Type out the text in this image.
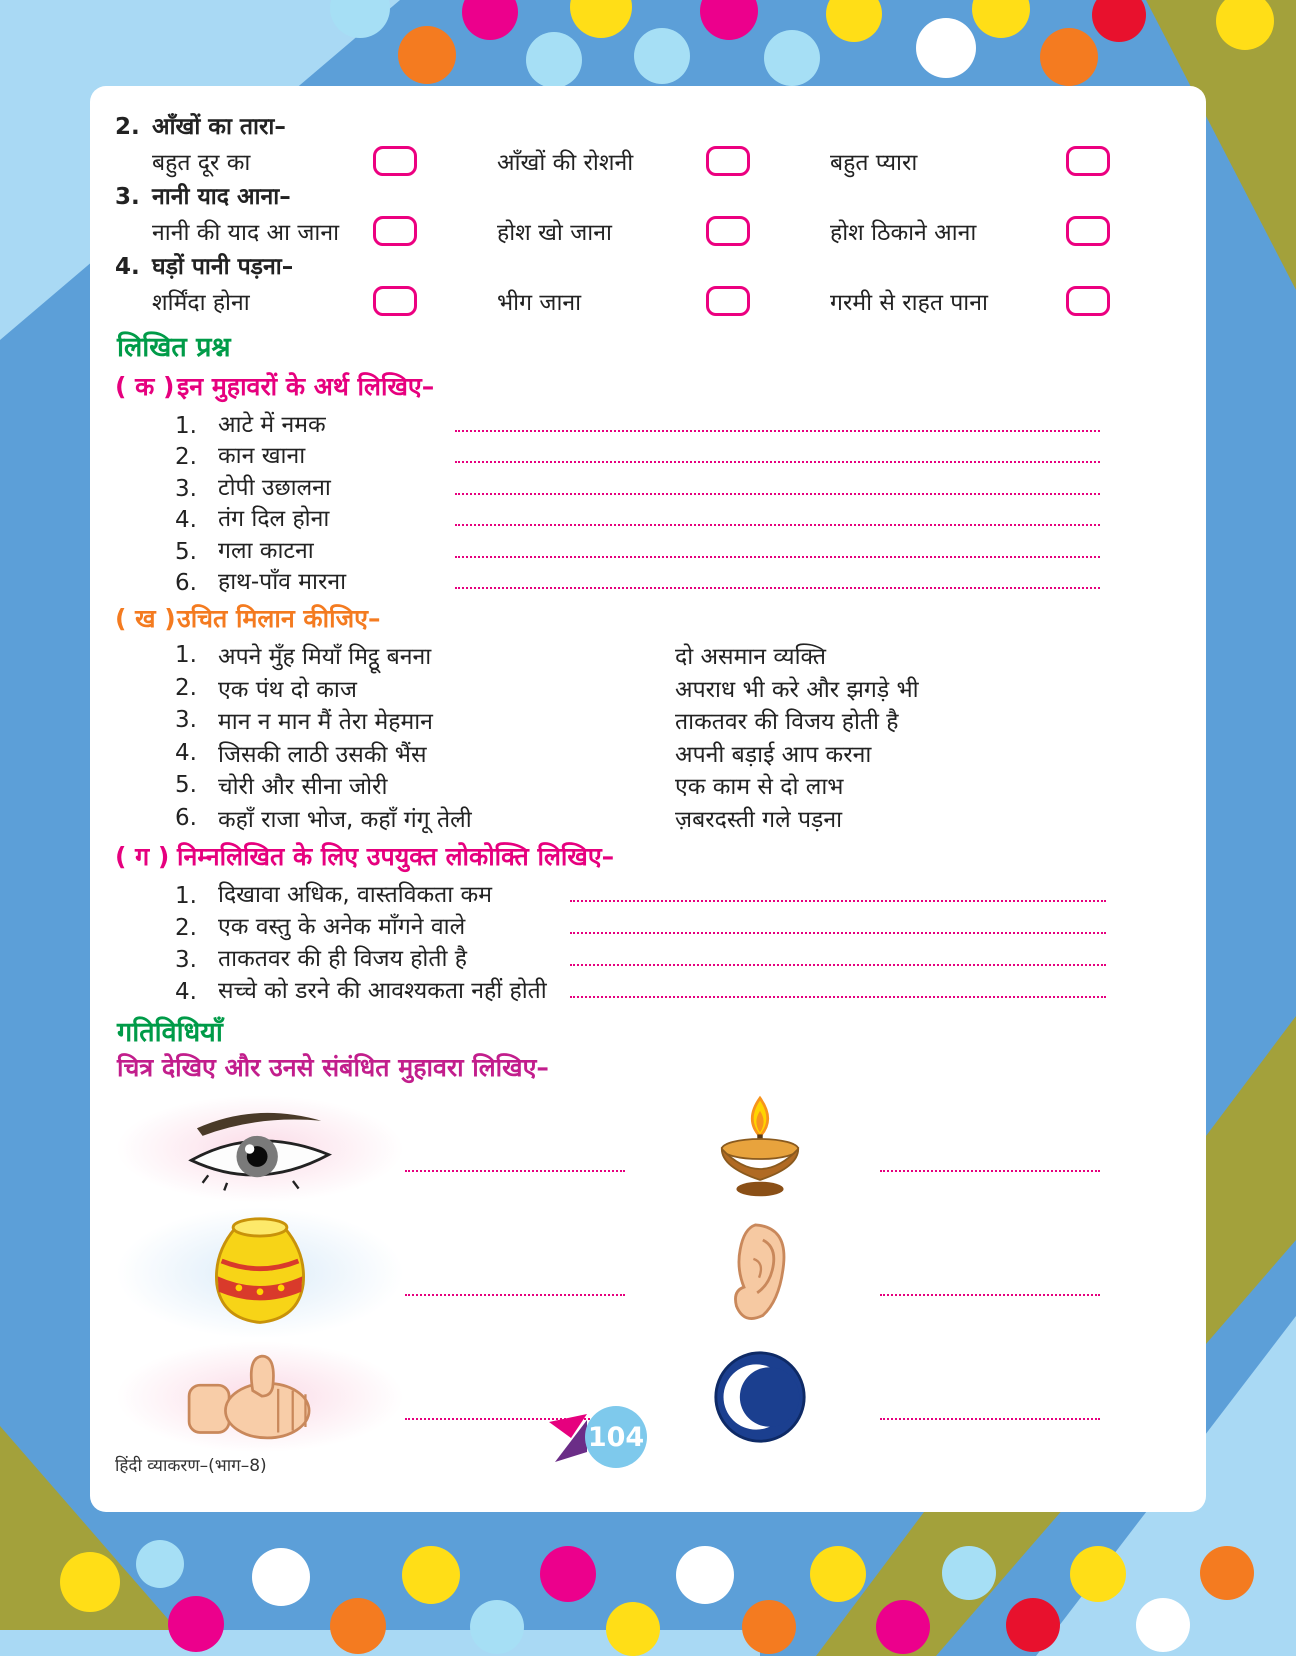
2. आँखों का तारा–
बहुत दूर का	आँखों की रोशनी	बहुत प्यारा
3. नानी याद आना–
नानी की याद आ जाना	होश खो जाना	होश ठिकाने आना
4. घड़ों पानी पड़ना–
शर्मिंदा होना	भीग जाना	गरमी से राहत पाना
लिखित प्रश्न
( क ) इन मुहावरों के अर्थ लिखिए–
1. आटे में नमक
2. कान खाना
3. टोपी उछालना
4. तंग दिल होना
5. गला काटना
6. हाथ-पाँव मारना
( ख ) उचित मिलान कीजिए–
1. अपने मुँह मियाँ मिट्ठू बनना	दो असमान व्यक्ति
2. एक पंथ दो काज	अपराध भी करे और झगड़े भी
3. मान न मान मैं तेरा मेहमान	ताकतवर की विजय होती है
4. जिसकी लाठी उसकी भैंस	अपनी बड़ाई आप करना
5. चोरी और सीना जोरी	एक काम से दो लाभ
6. कहाँ राजा भोज, कहाँ गंगू तेली	ज़बरदस्ती गले पड़ना
( ग ) निम्नलिखित के लिए उपयुक्त लोकोक्ति लिखिए–
1. दिखावा अधिक, वास्तविकता कम
2. एक वस्तु के अनेक माँगने वाले
3. ताकतवर की ही विजय होती है
4. सच्चे को डरने की आवश्यकता नहीं होती
गतिविधियाँ
चित्र देखिए और उनसे संबंधित मुहावरा लिखिए–
हिंदी व्याकरण–(भाग–8)
104
